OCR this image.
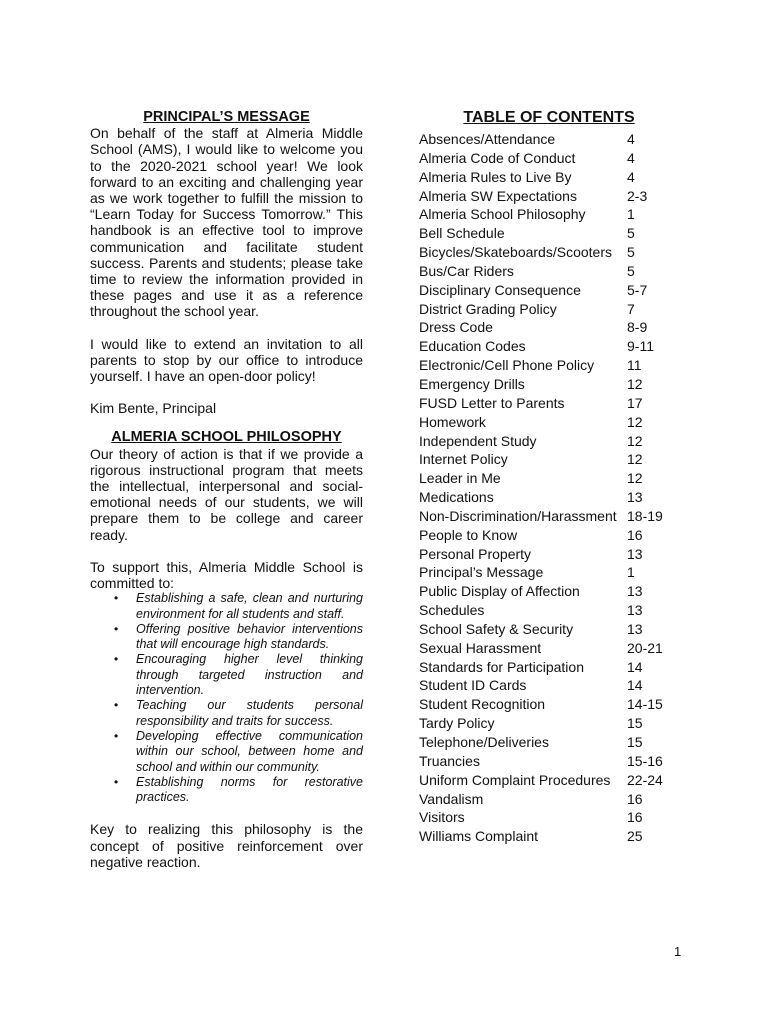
PRINCIPAL’S MESSAGE

On behalf of the staff at Almeria Middle School (AMS), I would like to welcome you to the 2020-2021 school year! We look forward to an exciting and challenging year as we work together to fulfill the mission to “Learn Today for Success Tomorrow.” This handbook is an effective tool to improve communication and facilitate student success. Parents and students; please take time to review the information provided in these pages and use it as a reference throughout the school year.

I would like to extend an invitation to all parents to stop by our office to introduce yourself. I have an open-door policy!

Kim Bente, Principal

ALMERIA SCHOOL PHILOSOPHY

Our theory of action is that if we provide a rigorous instructional program that meets the intellectual, interpersonal and social-emotional needs of our students, we will prepare them to be college and career ready.

To support this, Almeria Middle School is committed to:

• Establishing a safe, clean and nurturing environment for all students and staff.
• Offering positive behavior interventions that will encourage high standards.
• Encouraging higher level thinking through targeted instruction and intervention.
• Teaching our students personal responsibility and traits for success.
• Developing effective communication within our school, between home and school and within our community.
• Establishing norms for restorative practices.

Key to realizing this philosophy is the concept of positive reinforcement over negative reaction.

TABLE OF CONTENTS
Absences/Attendance	4
Almeria Code of Conduct	4
Almeria Rules to Live By	4
Almeria SW Expectations	2-3
Almeria School Philosophy	1
Bell Schedule	5
Bicycles/Skateboards/Scooters	5
Bus/Car Riders	5
Disciplinary Consequence	5-7
District Grading Policy	7
Dress Code	8-9
Education Codes	9-11
Electronic/Cell Phone Policy	11
Emergency Drills	12
FUSD Letter to Parents	17
Homework	12
Independent Study	12
Internet Policy	12
Leader in Me	12
Medications	13
Non-Discrimination/Harassment 18-19
People to Know	16
Personal Property	13
Principal’s Message	1
Public Display of Affection	13
Schedules	13
School Safety & Security	13
Sexual Harassment	20-21
Standards for Participation	14
Student ID Cards	14
Student Recognition	14-15
Tardy Policy	15
Telephone/Deliveries	15
Truancies	15-16
Uniform Complaint Procedures	22-24
Vandalism	16
Visitors	16
Williams Complaint	25
1
